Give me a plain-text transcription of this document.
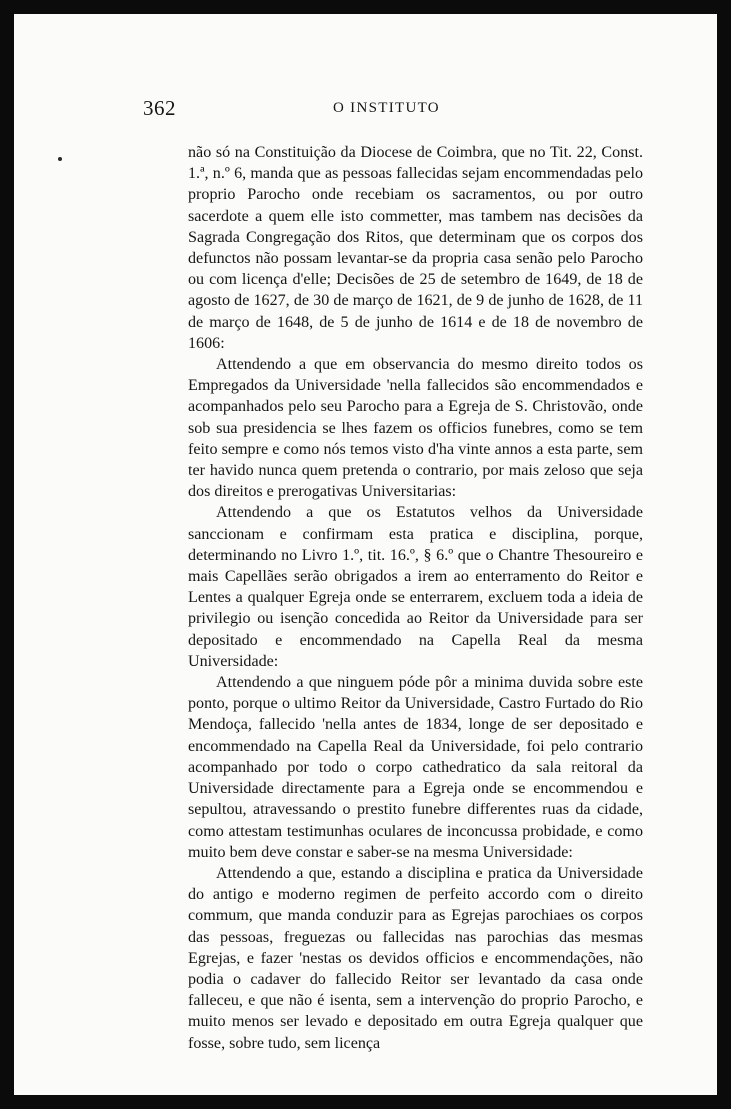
362	O INSTITUTO

não só na Constituição da Diocese de Coimbra, que no Tit. 22, Const. 1.ª, n.º 6, manda que as pessoas fallecidas sejam encommendadas pelo proprio Parocho onde recebiam os sacramentos, ou por outro sacerdote a quem elle isto commetter, mas tambem nas decisões da Sagrada Congregação dos Ritos, que determinam que os corpos dos defunctos não possam levantar-se da propria casa senão pelo Parocho ou com licença d'elle; Decisões de 25 de setembro de 1649, de 18 de agosto de 1627, de 30 de março de 1621, de 9 de junho de 1628, de 11 de março de 1648, de 5 de junho de 1614 e de 18 de novembro de 1606:

Attendendo a que em observancia do mesmo direito todos os Empregados da Universidade 'nella fallecidos são encommendados e acompanhados pelo seu Parocho para a Egreja de S. Christovão, onde sob sua presidencia se lhes fazem os officios funebres, como se tem feito sempre e como nós temos visto d'ha vinte annos a esta parte, sem ter havido nunca quem pretenda o contrario, por mais zeloso que seja dos direitos e prerogativas Universitarias:

Attendendo a que os Estatutos velhos da Universidade sanccionam e confirmam esta pratica e disciplina, porque, determinando no Livro 1.º, tit. 16.º, § 6.º que o Chantre Thesoureiro e mais Capellães serão obrigados a irem ao enterramento do Reitor e Lentes a qualquer Egreja onde se enterrarem, excluem toda a ideia de privilegio ou isenção concedida ao Reitor da Universidade para ser depositado e encommendado na Capella Real da mesma Universidade:

Attendendo a que ninguem póde pôr a minima duvida sobre este ponto, porque o ultimo Reitor da Universidade, Castro Furtado do Rio Mendoça, fallecido 'nella antes de 1834, longe de ser depositado e encommendado na Capella Real da Universidade, foi pelo contrario acompanhado por todo o corpo cathedratico da sala reitoral da Universidade directamente para a Egreja onde se encommendou e sepultou, atravessando o prestito funebre differentes ruas da cidade, como attestam testimunhas oculares de inconcussa probidade, e como muito bem deve constar e saber-se na mesma Universidade:

Attendendo a que, estando a disciplina e pratica da Universidade do antigo e moderno regimen de perfeito accordo com o direito commum, que manda conduzir para as Egrejas parochiaes os corpos das pessoas, freguezas ou fallecidas nas parochias das mesmas Egrejas, e fazer 'nestas os devidos officios e encommendações, não podia o cadaver do fallecido Reitor ser levantado da casa onde falleceu, e que não é isenta, sem a intervenção do proprio Parocho, e muito menos ser levado e depositado em outra Egreja qualquer que fosse, sobre tudo, sem licença
